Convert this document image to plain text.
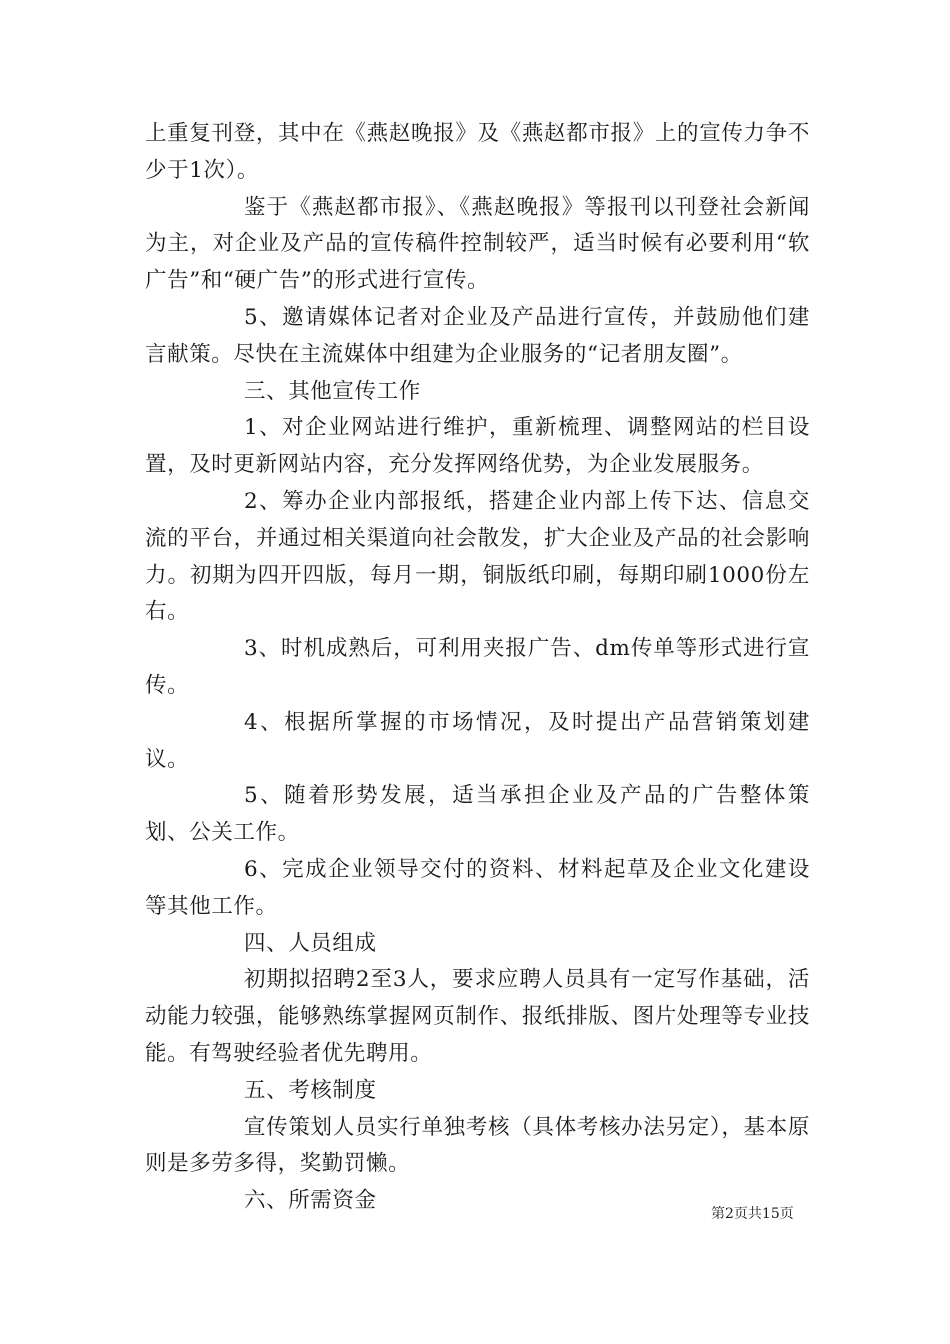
上重复刊登，其中在《燕赵晚报》及《燕赵都市报》上的宣传力争不少于1次）。

鉴于《燕赵都市报》、《燕赵晚报》等报刊以刊登社会新闻为主，对企业及产品的宣传稿件控制较严，适当时候有必要利用“软广告”和“硬广告”的形式进行宣传。

5、邀请媒体记者对企业及产品进行宣传，并鼓励他们建言献策。尽快在主流媒体中组建为企业服务的“记者朋友圈”。

三、其他宣传工作

1、对企业网站进行维护，重新梳理、调整网站的栏目设置，及时更新网站内容，充分发挥网络优势，为企业发展服务。

2、筹办企业内部报纸，搭建企业内部上传下达、信息交流的平台，并通过相关渠道向社会散发，扩大企业及产品的社会影响力。初期为四开四版，每月一期，铜版纸印刷，每期印刷1000份左右。

3、时机成熟后，可利用夹报广告、dm传单等形式进行宣传。

4、根据所掌握的市场情况，及时提出产品营销策划建议。

5、随着形势发展，适当承担企业及产品的广告整体策划、公关工作。

6、完成企业领导交付的资料、材料起草及企业文化建设等其他工作。

四、人员组成

初期拟招聘2至3人，要求应聘人员具有一定写作基础，活动能力较强，能够熟练掌握网页制作、报纸排版、图片处理等专业技能。有驾驶经验者优先聘用。

五、考核制度

宣传策划人员实行单独考核（具体考核办法另定），基本原则是多劳多得，奖勤罚懒。

六、所需资金

第2页共15页
